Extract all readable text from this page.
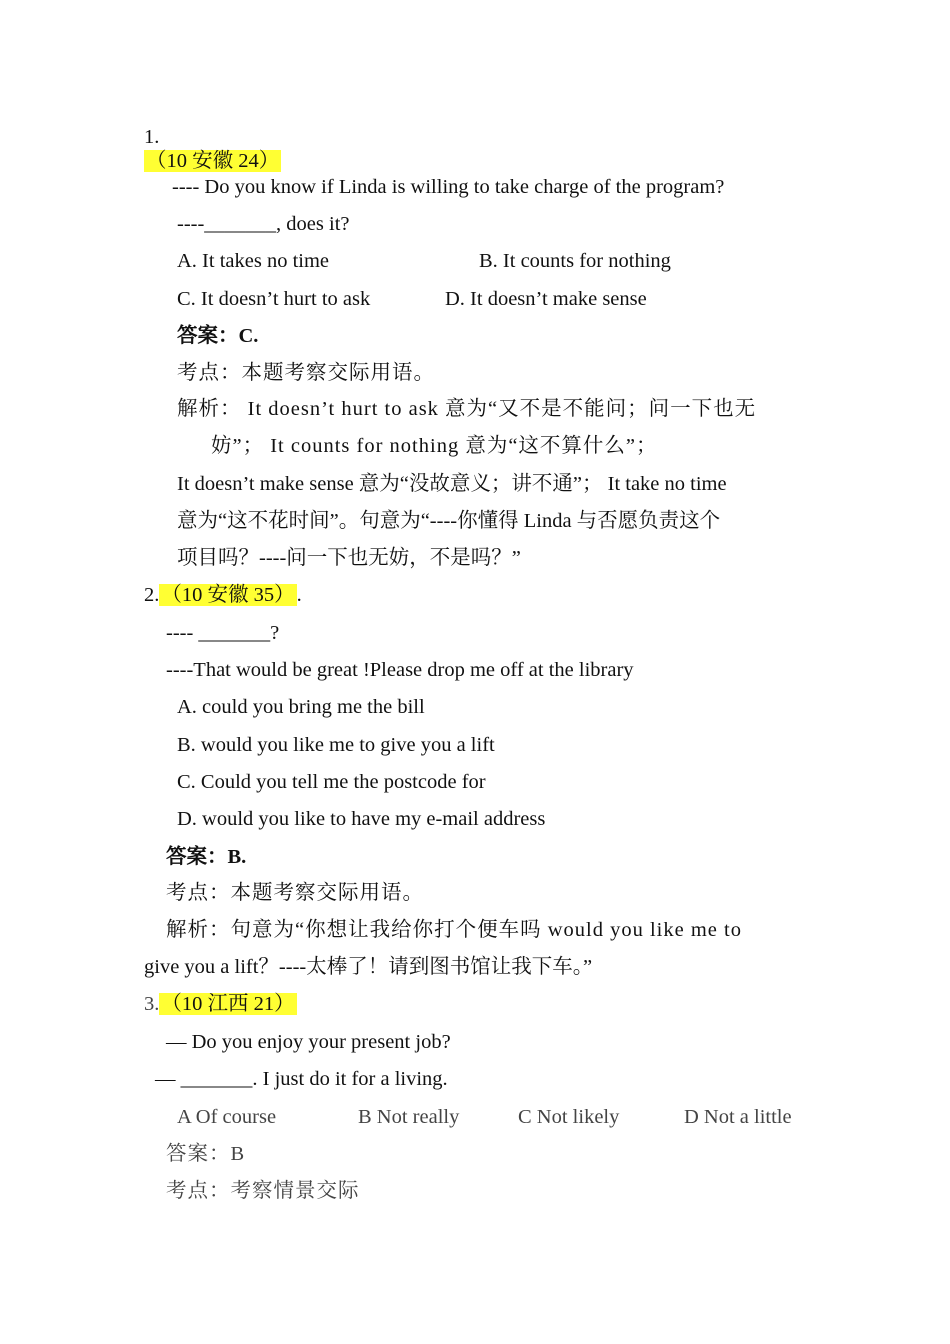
1.
（10 安徽 24）
---- Do you know if Linda is willing to take charge of the program?
----_______, does it?
A. It takes no time	B. It counts for nothing
C. It doesn’t hurt to ask	D. It doesn’t make sense
答案：C.
考点：本题考察交际用语。
解析： It doesn’t hurt to ask 意为“又不是不能问；问一下也无
妨”； It counts for nothing 意为“这不算什么”；
It doesn’t make sense 意为“没故意义；讲不通”； It take no time
意为“这不花时间”。句意为“----你懂得 Linda 与否愿负责这个
项目吗？----问一下也无妨，不是吗？”
2.（10 安徽 35）.
---- _______?
----That would be great !Please drop me off at the library
A. could you bring me the bill
B. would you like me to give you a lift
C. Could you tell me the postcode for
D. would you like to have my e-mail address
答案：B.
考点：本题考察交际用语。
解析：句意为“你想让我给你打个便车吗 would you like me to
give you a lift？----太棒了！请到图书馆让我下车。”
3.（10 江西 21）
— Do you enjoy your present job?
— _______. I just do it for a living.
A Of course	B Not really	C Not likely	D Not a little
答案：B
考点：考察情景交际
